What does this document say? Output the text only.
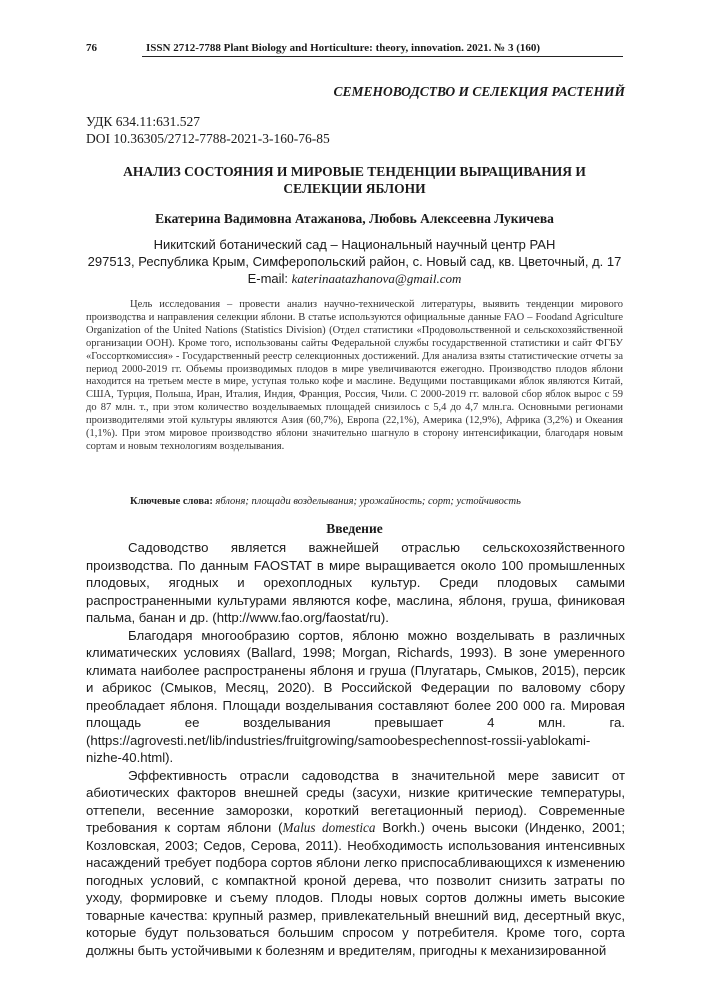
76	ISSN 2712-7788 Plant Biology and Horticulture: theory, innovation. 2021. № 3 (160)
СЕМЕНОВОДСТВО И СЕЛЕКЦИЯ РАСТЕНИЙ
УДК 634.11:631.527
DOI 10.36305/2712-7788-2021-3-160-76-85
АНАЛИЗ СОСТОЯНИЯ И МИРОВЫЕ ТЕНДЕНЦИИ ВЫРАЩИВАНИЯ И
СЕЛЕКЦИИ ЯБЛОНИ
Екатерина Вадимовна Атажанова, Любовь Алексеевна Лукичева
Никитский ботанический сад – Национальный научный центр РАН
297513, Республика Крым, Симферопольский район, с. Новый сад, кв. Цветочный, д. 17
E-mail: katerinaatazhanova@gmail.com

Цель исследования – провести анализ научно-технической литературы, выявить тенденции мирового производства и направления селекции яблони. В статье используются официальные данные FAO – Foodand Agriculture Organization of the United Nations (Statistics Division) (Отдел статистики «Продовольственной и сельскохозяйственной организации ООН). Кроме того, использованы сайты Федеральной службы государственной статистики и сайт ФГБУ «Госсорткомиссия» - Государственный реестр селекционных достижений. Для анализа взяты статистические отчеты за период 2000-2019 гг. Объемы производимых плодов в мире увеличиваются ежегодно. Производство плодов яблони находится на третьем месте в мире, уступая только кофе и маслине. Ведущими поставщиками яблок являются Китай, США, Турция, Польша, Иран, Италия, Индия, Франция, Россия, Чили. С 2000-2019 гг. валовой сбор яблок вырос с 59 до 87 млн. т., при этом количество возделываемых площадей снизилось с 5,4 до 4,7 млн.га. Основными регионами производителями этой культуры являются Азия (60,7%), Европа (22,1%), Америка (12,9%), Африка (3,2%) и Океания (1,1%). При этом мировое производство яблони значительно шагнуло в сторону интенсификации, благодаря новым сортам и новым технологиям возделывания.

Ключевые слова: яблоня; площади возделывания; урожайность; сорт; устойчивость
Введение

Садоводство является важнейшей отраслью сельскохозяйственного производства. По данным FAOSTAT в мире выращивается около 100 промышленных плодовых, ягодных и орехоплодных культур. Среди плодовых самыми распространенными культурами являются кофе, маслина, яблоня, груша, финиковая пальма, банан и др. (http://www.fao.org/faostat/ru).

Благодаря многообразию сортов, яблоню можно возделывать в различных климатических условиях (Ballard, 1998; Morgan, Richards, 1993). В зоне умеренного климата наиболее распространены яблоня и груша (Плугатарь, Смыков, 2015), персик и абрикос (Смыков, Месяц, 2020). В Российской Федерации по валовому сбору преобладает яблоня. Площади возделывания составляют более 200 000 га. Мировая площадь ее возделывания превышает 4 млн. га. (https://agrovesti.net/lib/industries/fruitgrowing/samoobespechennost-rossii-yablokami-nizhe-40.html).

Эффективность отрасли садоводства в значительной мере зависит от абиотических факторов внешней среды (засухи, низкие критические температуры, оттепели, весенние заморозки, короткий вегетационный период). Современные требования к сортам яблони (Malus domestica Borkh.) очень высоки (Инденко, 2001; Козловская, 2003; Седов, Серова, 2011). Необходимость использования интенсивных насаждений требует подбора сортов яблони легко приспосабливающихся к изменению погодных условий, с компактной кроной дерева, что позволит снизить затраты по уходу, формировке и съему плодов. Плоды новых сортов должны иметь высокие товарные качества: крупный размер, привлекательный внешний вид, десертный вкус, которые будут пользоваться большим спросом у потребителя. Кроме того, сорта должны быть устойчивыми к болезням и вредителям, пригодны к механизированной
